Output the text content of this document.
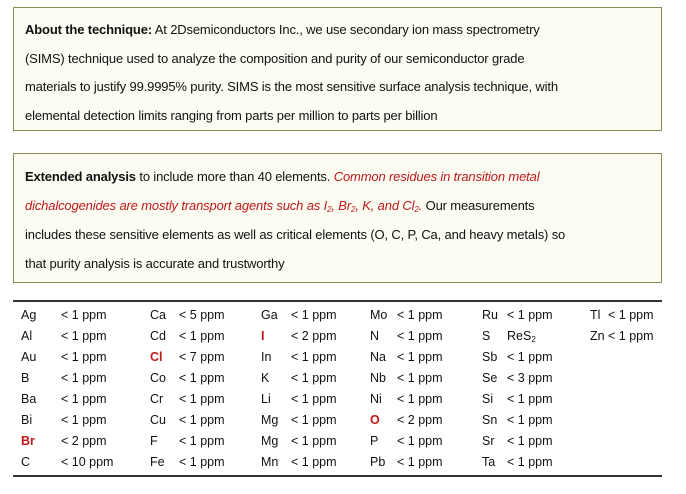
About the technique: At 2Dsemiconductors Inc., we use secondary ion mass spectrometry

(SIMS) technique used to analyze the composition and purity of our semiconductor grade

materials to justify 99.9995% purity. SIMS is the most sensitive surface analysis technique, with

elemental detection limits ranging from parts per million to parts per billion

Extended analysis to include more than 40 elements. Common residues in transition metal

dichalcogenides are mostly transport agents such as $I_2$, $Br_2$, K, and $Cl_2$. Our measurements

includes these sensitive elements as well as critical elements (O, C, P, Ca, and heavy metals) so

that purity analysis is accurate and trustworthy

Ag < 1 ppm
Al < 1 ppm
Au < 1 ppm
B	< 1 ppm
Ba < 1 ppm
Bi < 1 ppm
Br < 2 ppm
C < 10 ppm
Ca < 5 ppm
Cd < 1 ppm
Cl < 7 ppm
Co < 1 ppm
Cr < 1 ppm
Cu < 1 ppm
F < 1 ppm
Fe < 1 ppm
Ga < 1 ppm
I < 2 ppm
In < 1 ppm
K < 1 ppm
Li < 1 ppm
Mg < 1 ppm
Mg < 1 ppm
Mn < 1 ppm
Mo < 1 ppm
N < 1 ppm
Na < 1 ppm
Nb < 1 ppm
Ni < 1 ppm
O < 2 ppm
P < 1 ppm
Pb < 1 ppm
Ru < 1 ppm
S ReS$_2$
Sb < 1 ppm
Se < 3 ppm
Si < 1 ppm
Sn < 1 ppm
Sr < 1 ppm
Ta < 1 ppm
Tl < 1 ppm
Zn < 1 ppm
